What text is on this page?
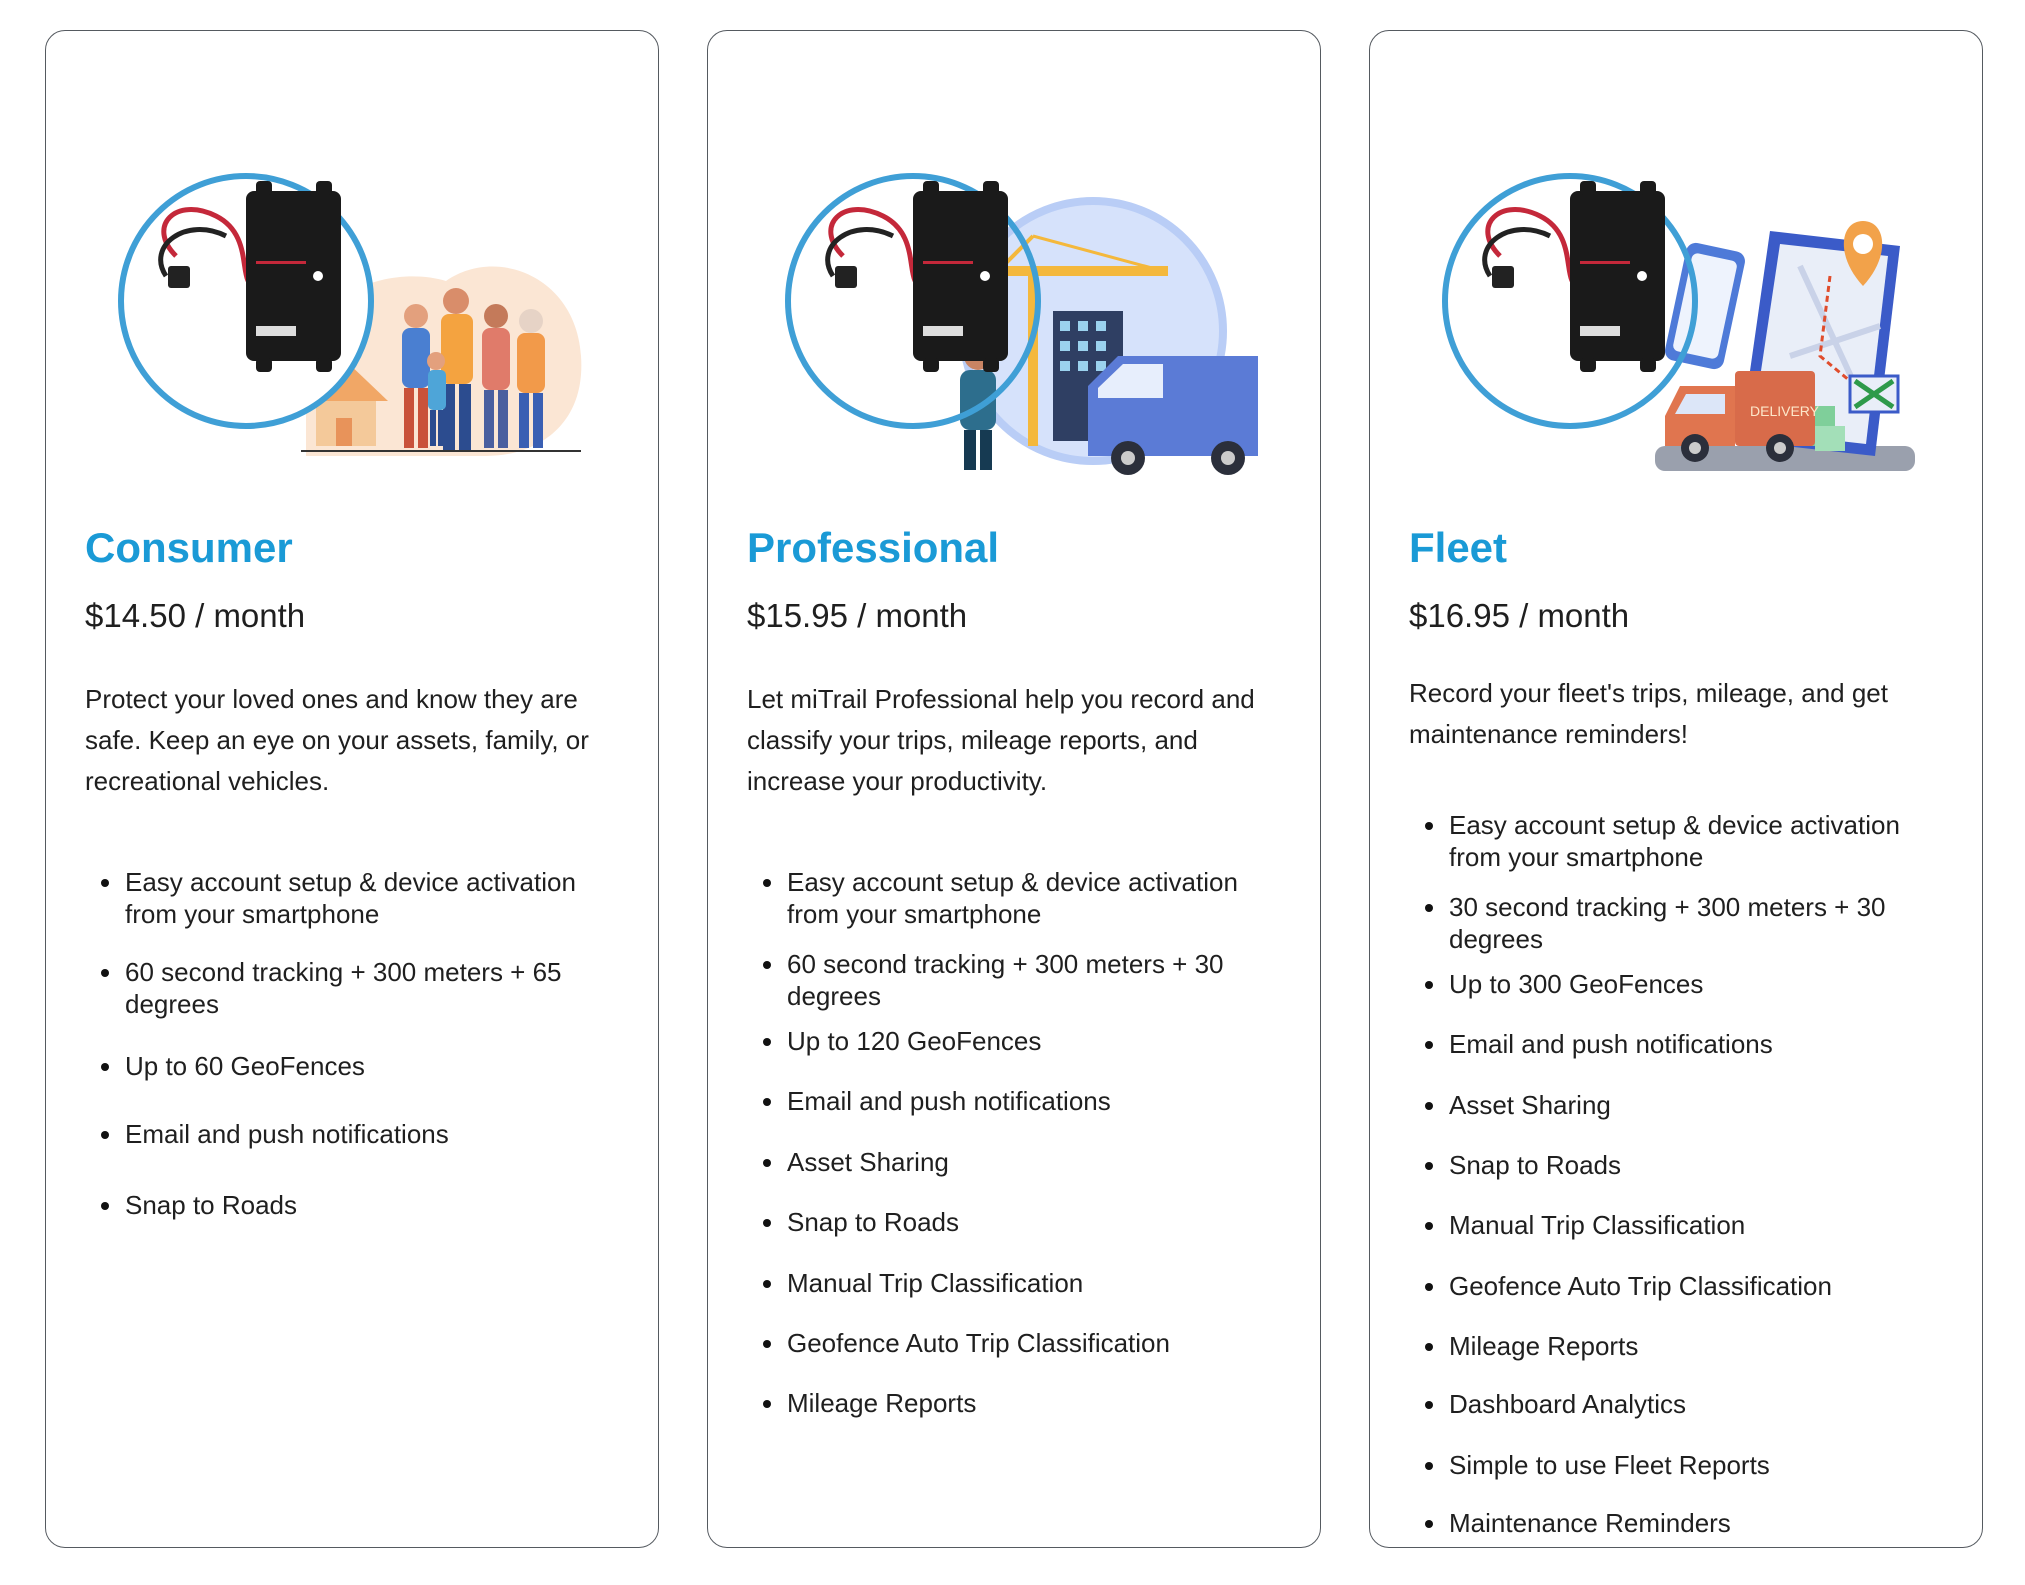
Consumer

$14.50 / month

Protect your loved ones and know they are safe. Keep an eye on your assets, family, or recreational vehicles.

Easy account setup & device activation from your smartphone
60 second tracking + 300 meters + 65 degrees
Up to 60 GeoFences
Email and push notifications
Snap to Roads
Professional

$15.95 / month

Let miTrail Professional help you record and classify your trips, mileage reports, and increase your productivity.

Easy account setup & device activation from your smartphone
60 second tracking + 300 meters + 30 degrees
Up to 120 GeoFences
Email and push notifications
Asset Sharing
Snap to Roads
Manual Trip Classification
Geofence Auto Trip Classification
Mileage Reports
DELIVERY
Fleet

$16.95 / month

Record your fleet's trips, mileage, and get maintenance reminders!

Easy account setup & device activation from your smartphone
30 second tracking + 300 meters + 30 degrees
Up to 300 GeoFences
Email and push notifications
Asset Sharing
Snap to Roads
Manual Trip Classification
Geofence Auto Trip Classification
Mileage Reports
Dashboard Analytics
Simple to use Fleet Reports
Maintenance Reminders
